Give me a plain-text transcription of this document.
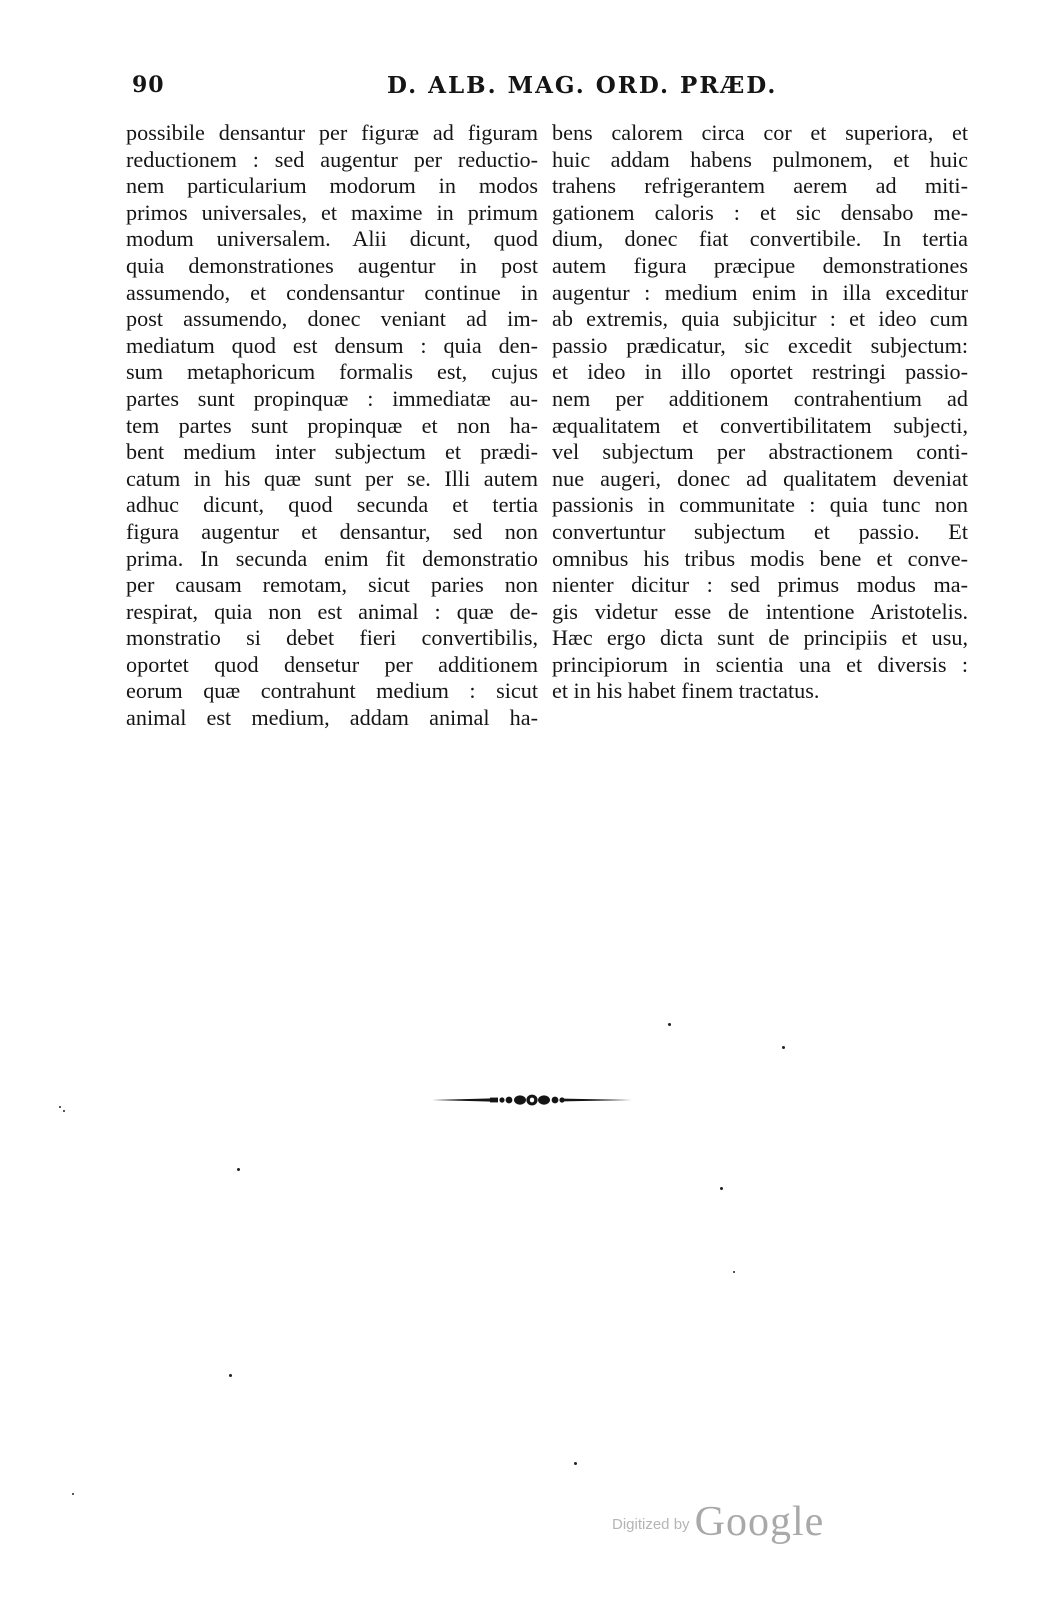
90	D. ALB. MAG. ORD. PRÆD.
possibile densantur per figuræ ad figuram
reductionem : sed augentur per reductio-
nem particularium modorum in modos
primos universales, et maxime in primum
modum universalem. Alii dicunt, quod
quia demonstrationes augentur in post
assumendo, et condensantur continue in
post assumendo, donec veniant ad im-
mediatum quod est densum : quia den-
sum metaphoricum formalis est, cujus
partes sunt propinquæ : immediatæ au-
tem partes sunt propinquæ et non ha-
bent medium inter subjectum et prædi-
catum in his quæ sunt per se. Illi autem
adhuc dicunt, quod secunda et tertia
figura augentur et densantur, sed non
prima. In secunda enim fit demonstratio
per causam remotam, sicut paries non
respirat, quia non est animal : quæ de-
monstratio si debet fieri convertibilis,
oportet quod densetur per additionem
eorum quæ contrahunt medium : sicut
animal est medium, addam animal ha-
bens calorem circa cor et superiora, et
huic addam habens pulmonem, et huic
trahens refrigerantem aerem ad miti-
gationem caloris : et sic densabo me-
dium, donec fiat convertibile. In tertia
autem figura præcipue demonstrationes
augentur : medium enim in illa exceditur
ab extremis, quia subjicitur : et ideo cum
passio prædicatur, sic excedit subjectum:
et ideo in illo oportet restringi passio-
nem per additionem contrahentium ad
æqualitatem et convertibilitatem subjecti,
vel subjectum per abstractionem conti-
nue augeri, donec ad qualitatem deveniat
passionis in communitate : quia tunc non
convertuntur subjectum et passio. Et
omnibus his tribus modis bene et conve-
nienter dicitur : sed primus modus ma-
gis videtur esse de intentione Aristotelis.
Hæc ergo dicta sunt de principiis et usu,
principiorum in scientia una et diversis :
et in his habet finem tractatus.
Digitized by Google
